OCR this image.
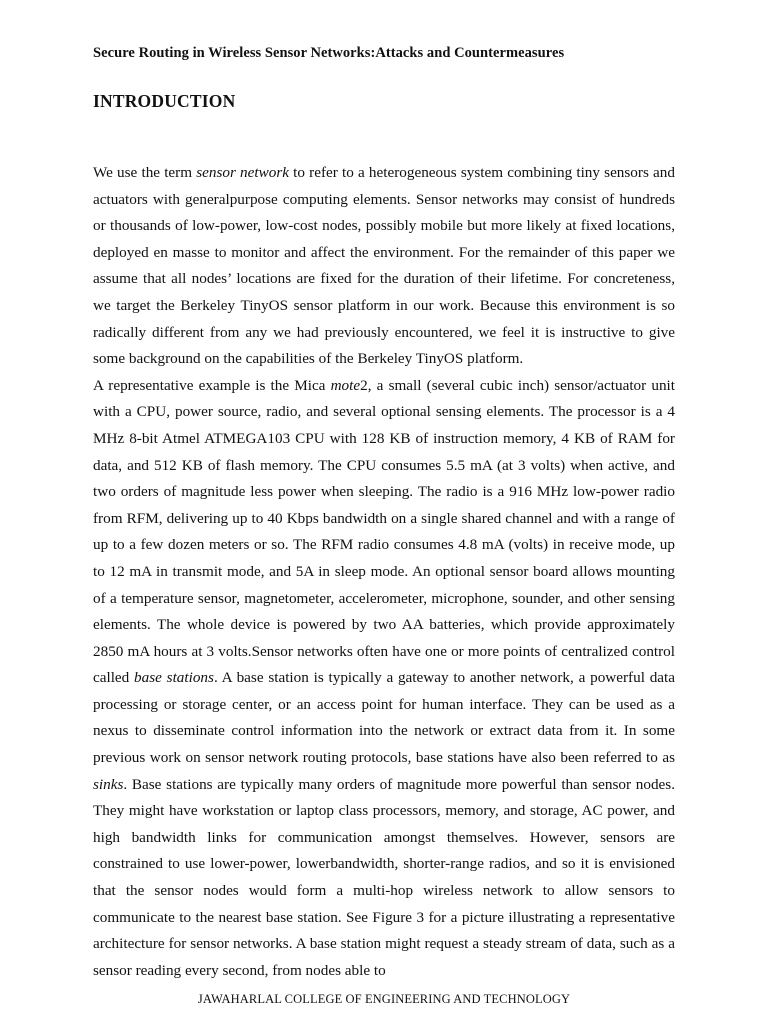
Secure Routing in Wireless Sensor Networks:Attacks and Countermeasures
INTRODUCTION

We use the term sensor network to refer to a heterogeneous system combining tiny sensors and actuators with generalpurpose computing elements. Sensor networks may consist of hundreds or thousands of low-power, low-cost nodes, possibly mobile but more likely at fixed locations, deployed en masse to monitor and affect the environment. For the remainder of this paper we assume that all nodes’ locations are fixed for the duration of their lifetime. For concreteness, we target the Berkeley TinyOS sensor platform in our work. Because this environment is so radically different from any we had previously encountered, we feel it is instructive to give some background on the capabilities of the Berkeley TinyOS platform.

A representative example is the Mica mote2, a small (several cubic inch) sensor/actuator unit with a CPU, power source, radio, and several optional sensing elements. The processor is a 4 MHz 8-bit Atmel ATMEGA103 CPU with 128 KB of instruction memory, 4 KB of RAM for data, and 512 KB of flash memory. The CPU consumes 5.5 mA (at 3 volts) when active, and two orders of magnitude less power when sleeping. The radio is a 916 MHz low-power radio from RFM, delivering up to 40 Kbps bandwidth on a single shared channel and with a range of up to a few dozen meters or so. The RFM radio consumes 4.8 mA (volts) in receive mode, up to 12 mA in transmit mode, and 5A in sleep mode. An optional sensor board allows mounting of a temperature sensor, magnetometer, accelerometer, microphone, sounder, and other sensing elements. The whole device is powered by two AA batteries, which provide approximately 2850 mA hours at 3 volts.Sensor networks often have one or more points of centralized control called base stations. A base station is typically a gateway to another network, a powerful data processing or storage center, or an access point for human interface. They can be used as a nexus to disseminate control information into the network or extract data from it. In some previous work on sensor network routing protocols, base stations have also been referred to as sinks. Base stations are typically many orders of magnitude more powerful than sensor nodes. They might have workstation or laptop class processors, memory, and storage, AC power, and high bandwidth links for communication amongst themselves. However, sensors are constrained to use lower-power, lowerbandwidth, shorter-range radios, and so it is envisioned that the sensor nodes would form a multi-hop wireless network to allow sensors to communicate to the nearest base station. See Figure 3 for a picture illustrating a representative architecture for sensor networks. A base station might request a steady stream of data, such as a sensor reading every second, from nodes able to

JAWAHARLAL COLLEGE OF ENGINEERING AND TECHNOLOGY
